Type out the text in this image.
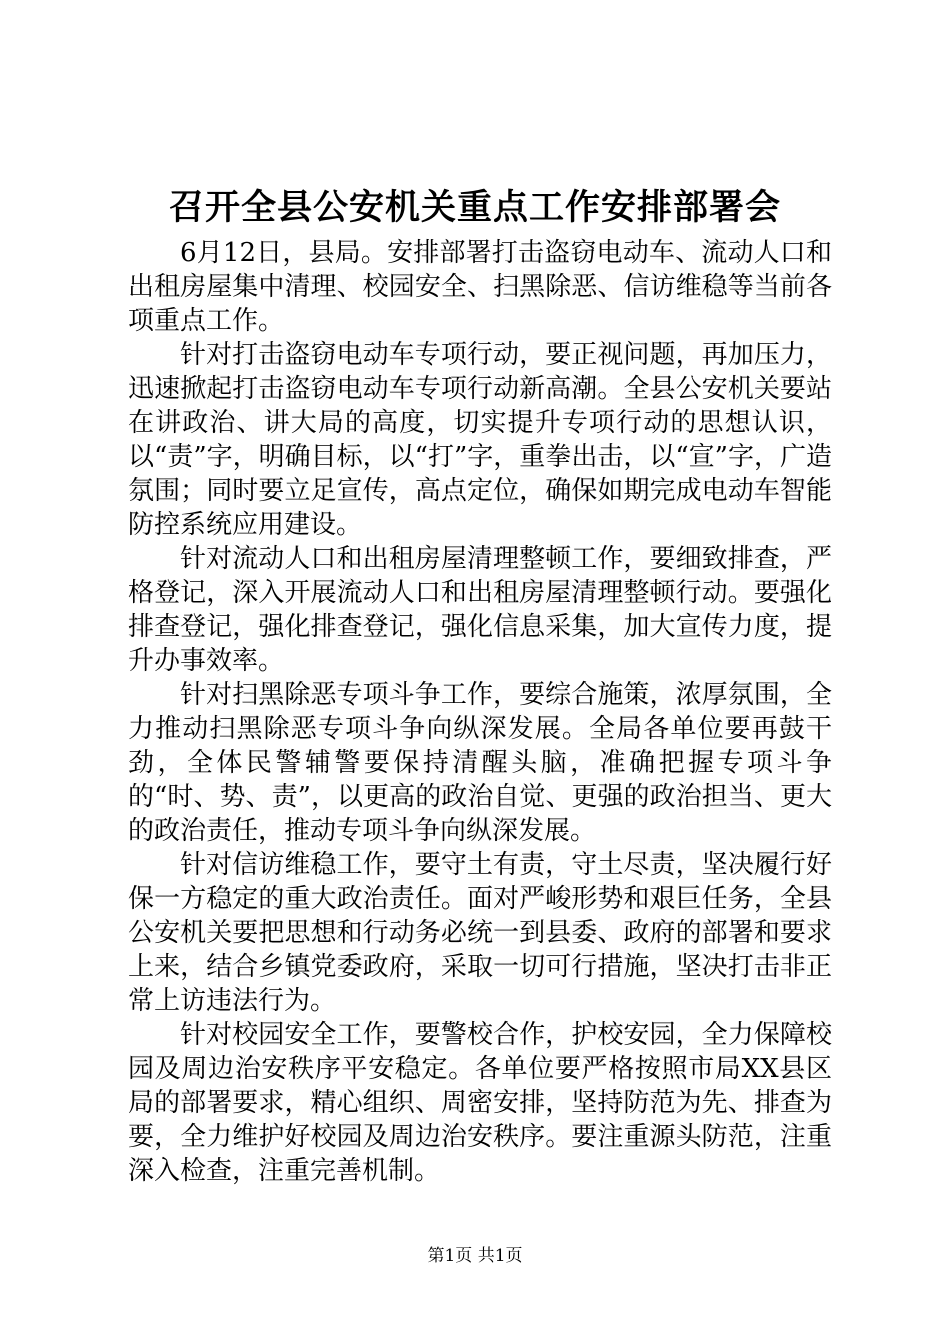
召开全县公安机关重点工作安排部署会

6月12日，县局。安排部署打击盗窃电动车、流动人口和出租房屋集中清理、校园安全、扫黑除恶、信访维稳等当前各项重点工作。

针对打击盗窃电动车专项行动，要正视问题，再加压力，迅速掀起打击盗窃电动车专项行动新高潮。全县公安机关要站在讲政治、讲大局的高度，切实提升专项行动的思想认识，以“责”字，明确目标，以“打”字，重拳出击，以“宣”字，广造氛围；同时要立足宣传，高点定位，确保如期完成电动车智能防控系统应用建设。

针对流动人口和出租房屋清理整顿工作，要细致排查，严格登记，深入开展流动人口和出租房屋清理整顿行动。要强化排查登记，强化排查登记，强化信息采集，加大宣传力度，提升办事效率。

针对扫黑除恶专项斗争工作，要综合施策，浓厚氛围，全力推动扫黑除恶专项斗争向纵深发展。全局各单位要再鼓干劲，全体民警辅警要保持清醒头脑，准确把握专项斗争的“时、势、责”，以更高的政治自觉、更强的政治担当、更大的政治责任，推动专项斗争向纵深发展。

针对信访维稳工作，要守土有责，守土尽责，坚决履行好保一方稳定的重大政治责任。面对严峻形势和艰巨任务，全县公安机关要把思想和行动务必统一到县委、政府的部署和要求上来，结合乡镇党委政府，采取一切可行措施，坚决打击非正常上访违法行为。

针对校园安全工作，要警校合作，护校安园，全力保障校园及周边治安秩序平安稳定。各单位要严格按照市局XX县区局的部署要求，精心组织、周密安排，坚持防范为先、排查为要，全力维护好校园及周边治安秩序。要注重源头防范，注重深入检查，注重完善机制。

第1页 共1页
